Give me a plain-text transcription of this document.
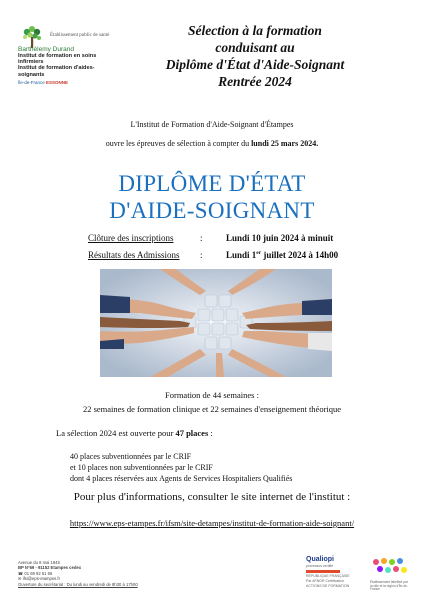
Établissement public de santé
Barthélemy Durand
Institut de formation en soins infirmiers
Institut de formation d'aides-soignants
Île-de-France ESSONNE
Sélection à la formation
conduisant au
Diplôme d'État d'Aide-Soignant
Rentrée 2024
L'Institut de Formation d'Aide-Soignant d'Étampes
ouvre les épreuves de sélection à compter du lundi 25 mars 2024.
DIPLÔME D'ÉTAT
D'AIDE-SOIGNANT
Clôture des inscriptions	:	Lundi 10 juin 2024 à minuit
Résultats des Admissions :	Lundi 1er juillet 2024 à 14h00
Formation de 44 semaines :
22 semaines de formation clinique et 22 semaines d'enseignement théorique
La sélection 2024 est ouverte pour 47 places :
40 places subventionnées par le CRIF
et 10 places non subventionnées par le CRIF
dont 4 places réservées aux Agents de Services Hospitaliers Qualifiés
Pour plus d'informations, consulter le site internet de l'institut :
https://www.eps-etampes.fr/ifsm/site-detampes/institut-de-formation-aide-soignant/
Avenue du 8 mai 1945
BP N°69 - 91152 Etampes cedex
☎ 01 69 92 51 66
✉ ifsi@eps-etampes.fr
Ouverture du secrétariat : Du lundi au vendredi de 8h30 à 17h00
Qualiopi
processus certifié
RÉPUBLIQUE FRANÇAISE
Par AFNOR Certification
ACTIONS DE FORMATION
Établissement labellisé par la ville et la région d'Île-de-France
